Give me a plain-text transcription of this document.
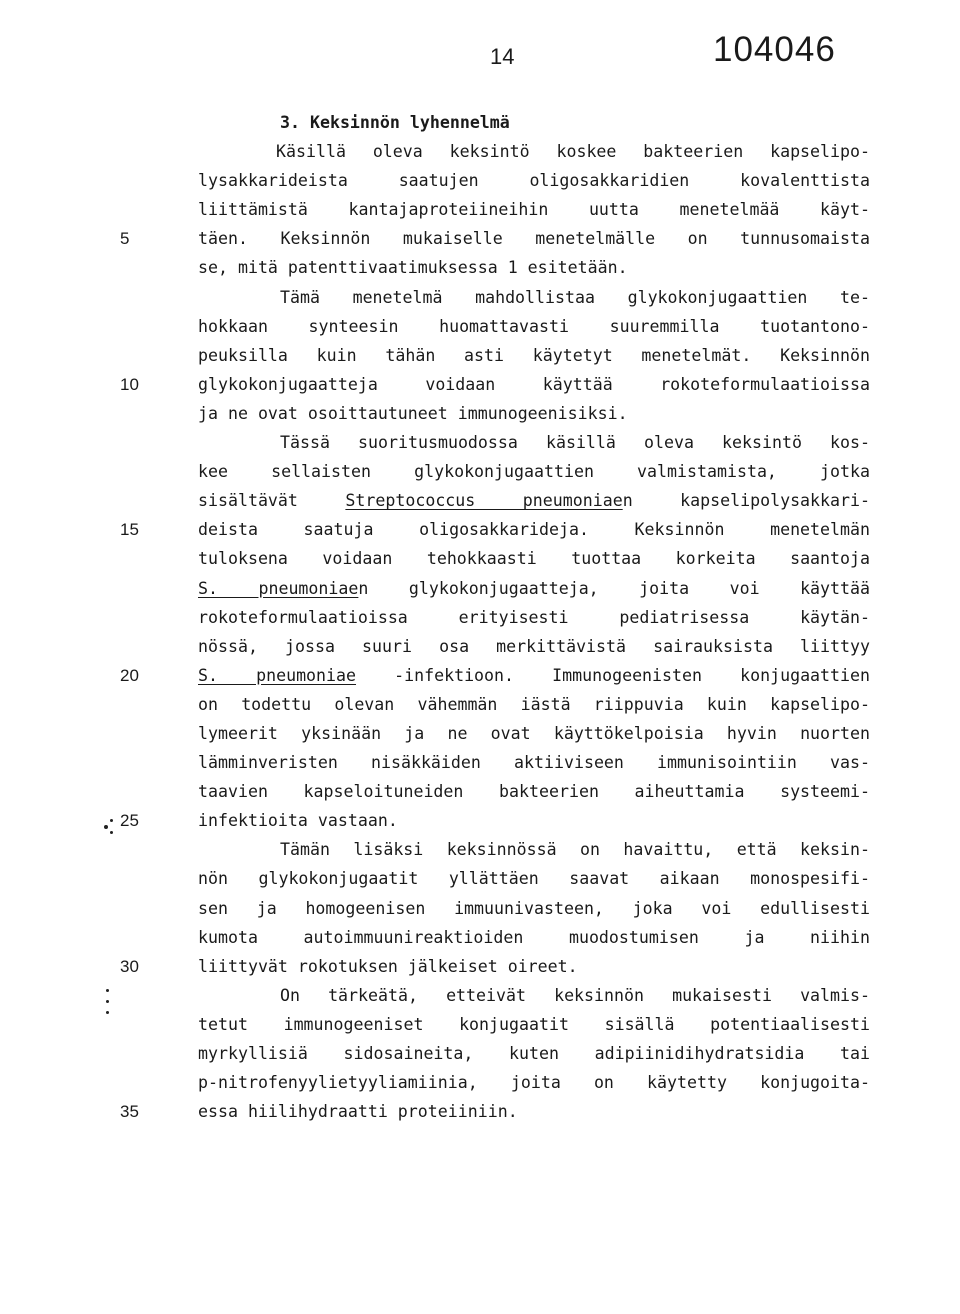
14	104046
5
10
15
20
25
30
35
3. Keksinnön lyhennelmä
Käsillä oleva keksintö koskee bakteerien kapselipo-
lysakkarideista saatujen oligosakkaridien kovalenttista
liittämistä kantajaproteiineihin uutta menetelmää käyt-
täen. Keksinnön mukaiselle menetelmälle on tunnusomaista
se, mitä patenttivaatimuksessa 1 esitetään.
Tämä menetelmä mahdollistaa glykokonjugaattien te-
hokkaan synteesin huomattavasti suuremmilla tuotantono-
peuksilla kuin tähän asti käytetyt menetelmät. Keksinnön
glykokonjugaatteja voidaan käyttää rokoteformulaatioissa
ja ne ovat osoittautuneet immunogeenisiksi.
Tässä suoritusmuodossa käsillä oleva keksintö kos-
kee sellaisten glykokonjugaattien valmistamista, jotka
sisältävät Streptococcus pneumoniaen kapselipolysakkari-
deista saatuja oligosakkarideja. Keksinnön menetelmän
tuloksena voidaan tehokkaasti tuottaa korkeita saantoja
S. pneumoniaen glykokonjugaatteja, joita voi käyttää
rokoteformulaatioissa erityisesti pediatrisessa käytän-
nössä, jossa suuri osa merkittävistä sairauksista liittyy
S. pneumoniae -infektioon. Immunogeenisten konjugaattien
on todettu olevan vähemmän iästä riippuvia kuin kapselipo-
lymeerit yksinään ja ne ovat käyttökelpoisia hyvin nuorten
lämminveristen nisäkkäiden aktiiviseen immunisointiin vas-
taavien kapseloituneiden bakteerien aiheuttamia systeemi-
infektioita vastaan.
Tämän lisäksi keksinnössä on havaittu, että keksin-
nön glykokonjugaatit yllättäen saavat aikaan monospesifi-
sen ja homogeenisen immuunivasteen, joka voi edullisesti
kumota autoimmuunireaktioiden muodostumisen ja niihin
liittyvät rokotuksen jälkeiset oireet.
On tärkeätä, etteivät keksinnön mukaisesti valmis-
tetut immunogeeniset konjugaatit sisällä potentiaalisesti
myrkyllisiä sidosaineita, kuten adipiinidihydratsidia tai
p-nitrofenyylietyyliamiinia, joita on käytetty konjugoita-
essa hiilihydraatti proteiiniin.
